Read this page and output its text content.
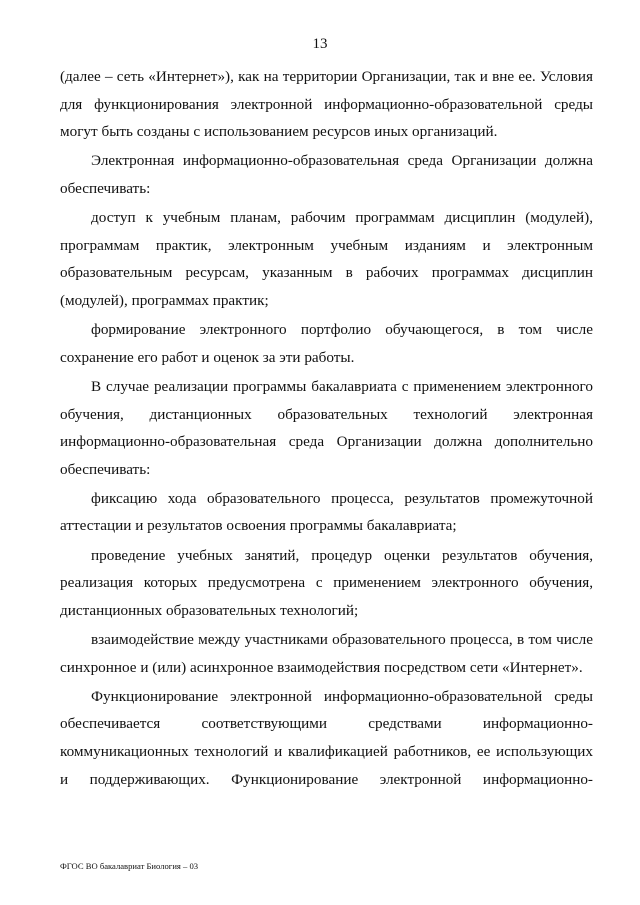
13

(далее – сеть «Интернет»), как на территории Организации, так и вне ее. Условия для функционирования электронной информационно-образовательной среды могут быть созданы с использованием ресурсов иных организаций.

Электронная информационно-образовательная среда Организации должна обеспечивать:

доступ к учебным планам, рабочим программам дисциплин (модулей), программам практик, электронным учебным изданиям и электронным образовательным ресурсам, указанным в рабочих программах дисциплин (модулей), программах практик;

формирование электронного портфолио обучающегося, в том числе сохранение его работ и оценок за эти работы.

В случае реализации программы бакалавриата с применением электронного обучения, дистанционных образовательных технологий электронная информационно-образовательная среда Организации должна дополнительно обеспечивать:

фиксацию хода образовательного процесса, результатов промежуточной аттестации и результатов освоения программы бакалавриата;

проведение учебных занятий, процедур оценки результатов обучения, реализация которых предусмотрена с применением электронного обучения, дистанционных образовательных технологий;

взаимодействие между участниками образовательного процесса, в том числе синхронное и (или) асинхронное взаимодействия посредством сети «Интернет».

Функционирование электронной информационно-образовательной среды обеспечивается соответствующими средствами информационно-коммуникационных технологий и квалификацией работников, ее использующих и поддерживающих. Функционирование электронной информационно-

ФГОС ВО бакалавриат Биология – 03
